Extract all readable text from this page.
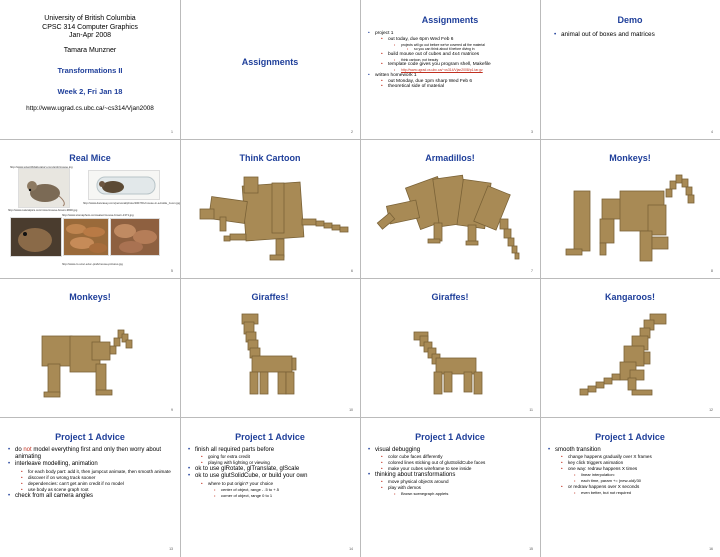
University of British Columbia
CPSC 314 Computer Graphics
Jan-Apr 2008
Tamara Munzner
Transformations II
Week 2, Fri Jan 18
http://www.ugrad.cs.ubc.ca/~cs314/Vjan2008
1
Assignments
2
Assignments
• project 1
• out today, due 6pm Wed Feb 6
• projects will go out before we've covered all the material
• so you can think about it before diving in
• build mouse out of cubes and 4x4 matrices
• think cartoon, not beauty
• template code gives you program shell, Makefile
• http://www.ugrad.cs.ubc.ca/~cs314/Vjan2008/p1.tar.gz
• written homework 1
• out Monday, due 1pm sharp Wed Feb 6
• theoretical side of material
3
Demo
• animal out of boxes and matrices
4
Real Mice
http://www.scientificlaboratory.com/amb/mouse.jpg
http://www.dancasey.com/personal/photo/2007/01/mouse-in-a-bottle_zoom.jpg
http://www.naturalpics.com/mice/mouse-brown-3800.jpg
http://www.stomaphoto.com/eaten/mouse-brown-1371.jpg
http://www.cs.ucsc.edu/~prab/mouse-pictures.jpg
5
Think Cartoon
6
Armadillos!
7
Monkeys!
8
Monkeys!
9
Giraffes!
10
Giraffes!
11
Kangaroos!
12
Project 1 Advice
• do not model everything first and only then worry about animating
• interleave modelling, animation
• for each body part: add it, then jumpcut animate, then smooth animate
• discover if on wrong track sooner
• dependencies: can't get anim credit if no model
• use body as scene graph root
• check from all camera angles
13
Project 1 Advice
• finish all required parts before
• going for extra credit
• playing with lighting or viewing
• ok to use glRotate, glTranslate, glScale
• ok to use glutSolidCube, or build your own
• where to put origin? your choice
• center of object, range - .5 to +.5
• corner of object, range 0 to 1
14
Project 1 Advice
• visual debugging
• color cube faces differently
• colored lines sticking out of glutSolidCube faces
• make your cubes wireframe to see inside
• thinking about transformations
• move physical objects around
• play with demos
• Brown scenegraph applets
15
Project 1 Advice
• smooth transition
• change happens gradually over X frames
• key click triggers animation
• one way: redraw happens X times
• linear interpolation:
• each time, param += (new-old)/30
• or redraw happens over X seconds
• even better, but not required
16
